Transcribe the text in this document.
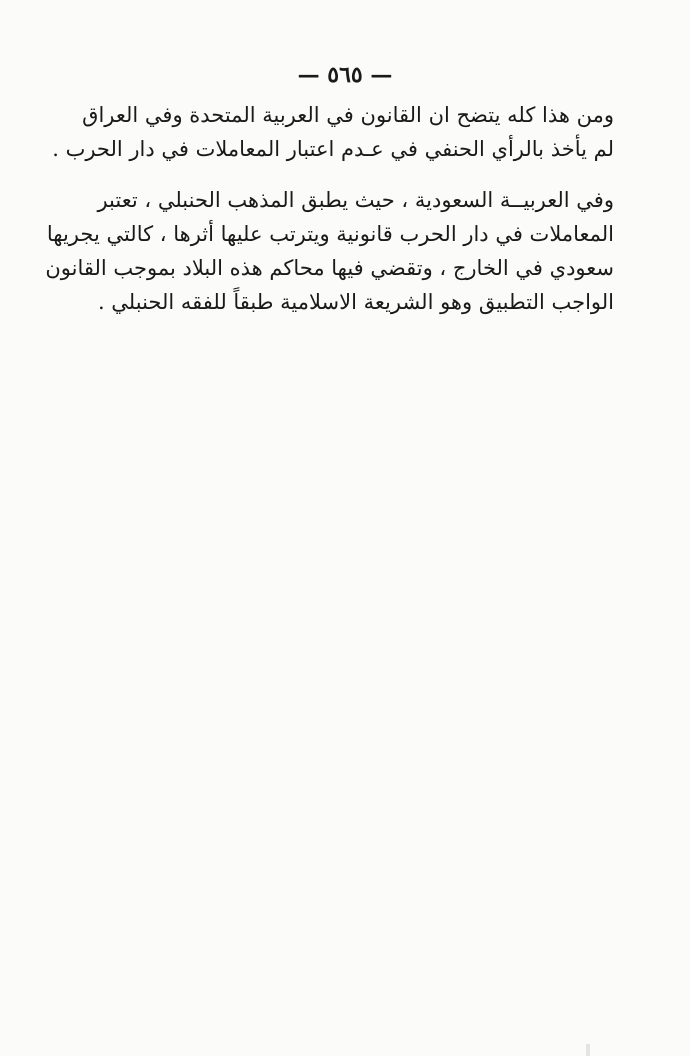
— ٥٦٥ —
ومن هذا كله يتضح ان القانون في العربية المتحدة وفي العراق
لم يأخذ بالرأي الحنفي في عـدم اعتبار المعاملات في دار الحرب .
وفي العربيــة السعودية ، حيث يطبق المذهب الحنبلي ، تعتبر
المعاملات في دار الحرب قانونية ويترتب عليها أثرها ، كالتي يجريها
سعودي في الخارج ، وتقضي فيها محاكم هذه البلاد بموجب القانون
الواجب التطبيق وهو الشريعة الاسلامية طبقاً للفقه الحنبلي .
